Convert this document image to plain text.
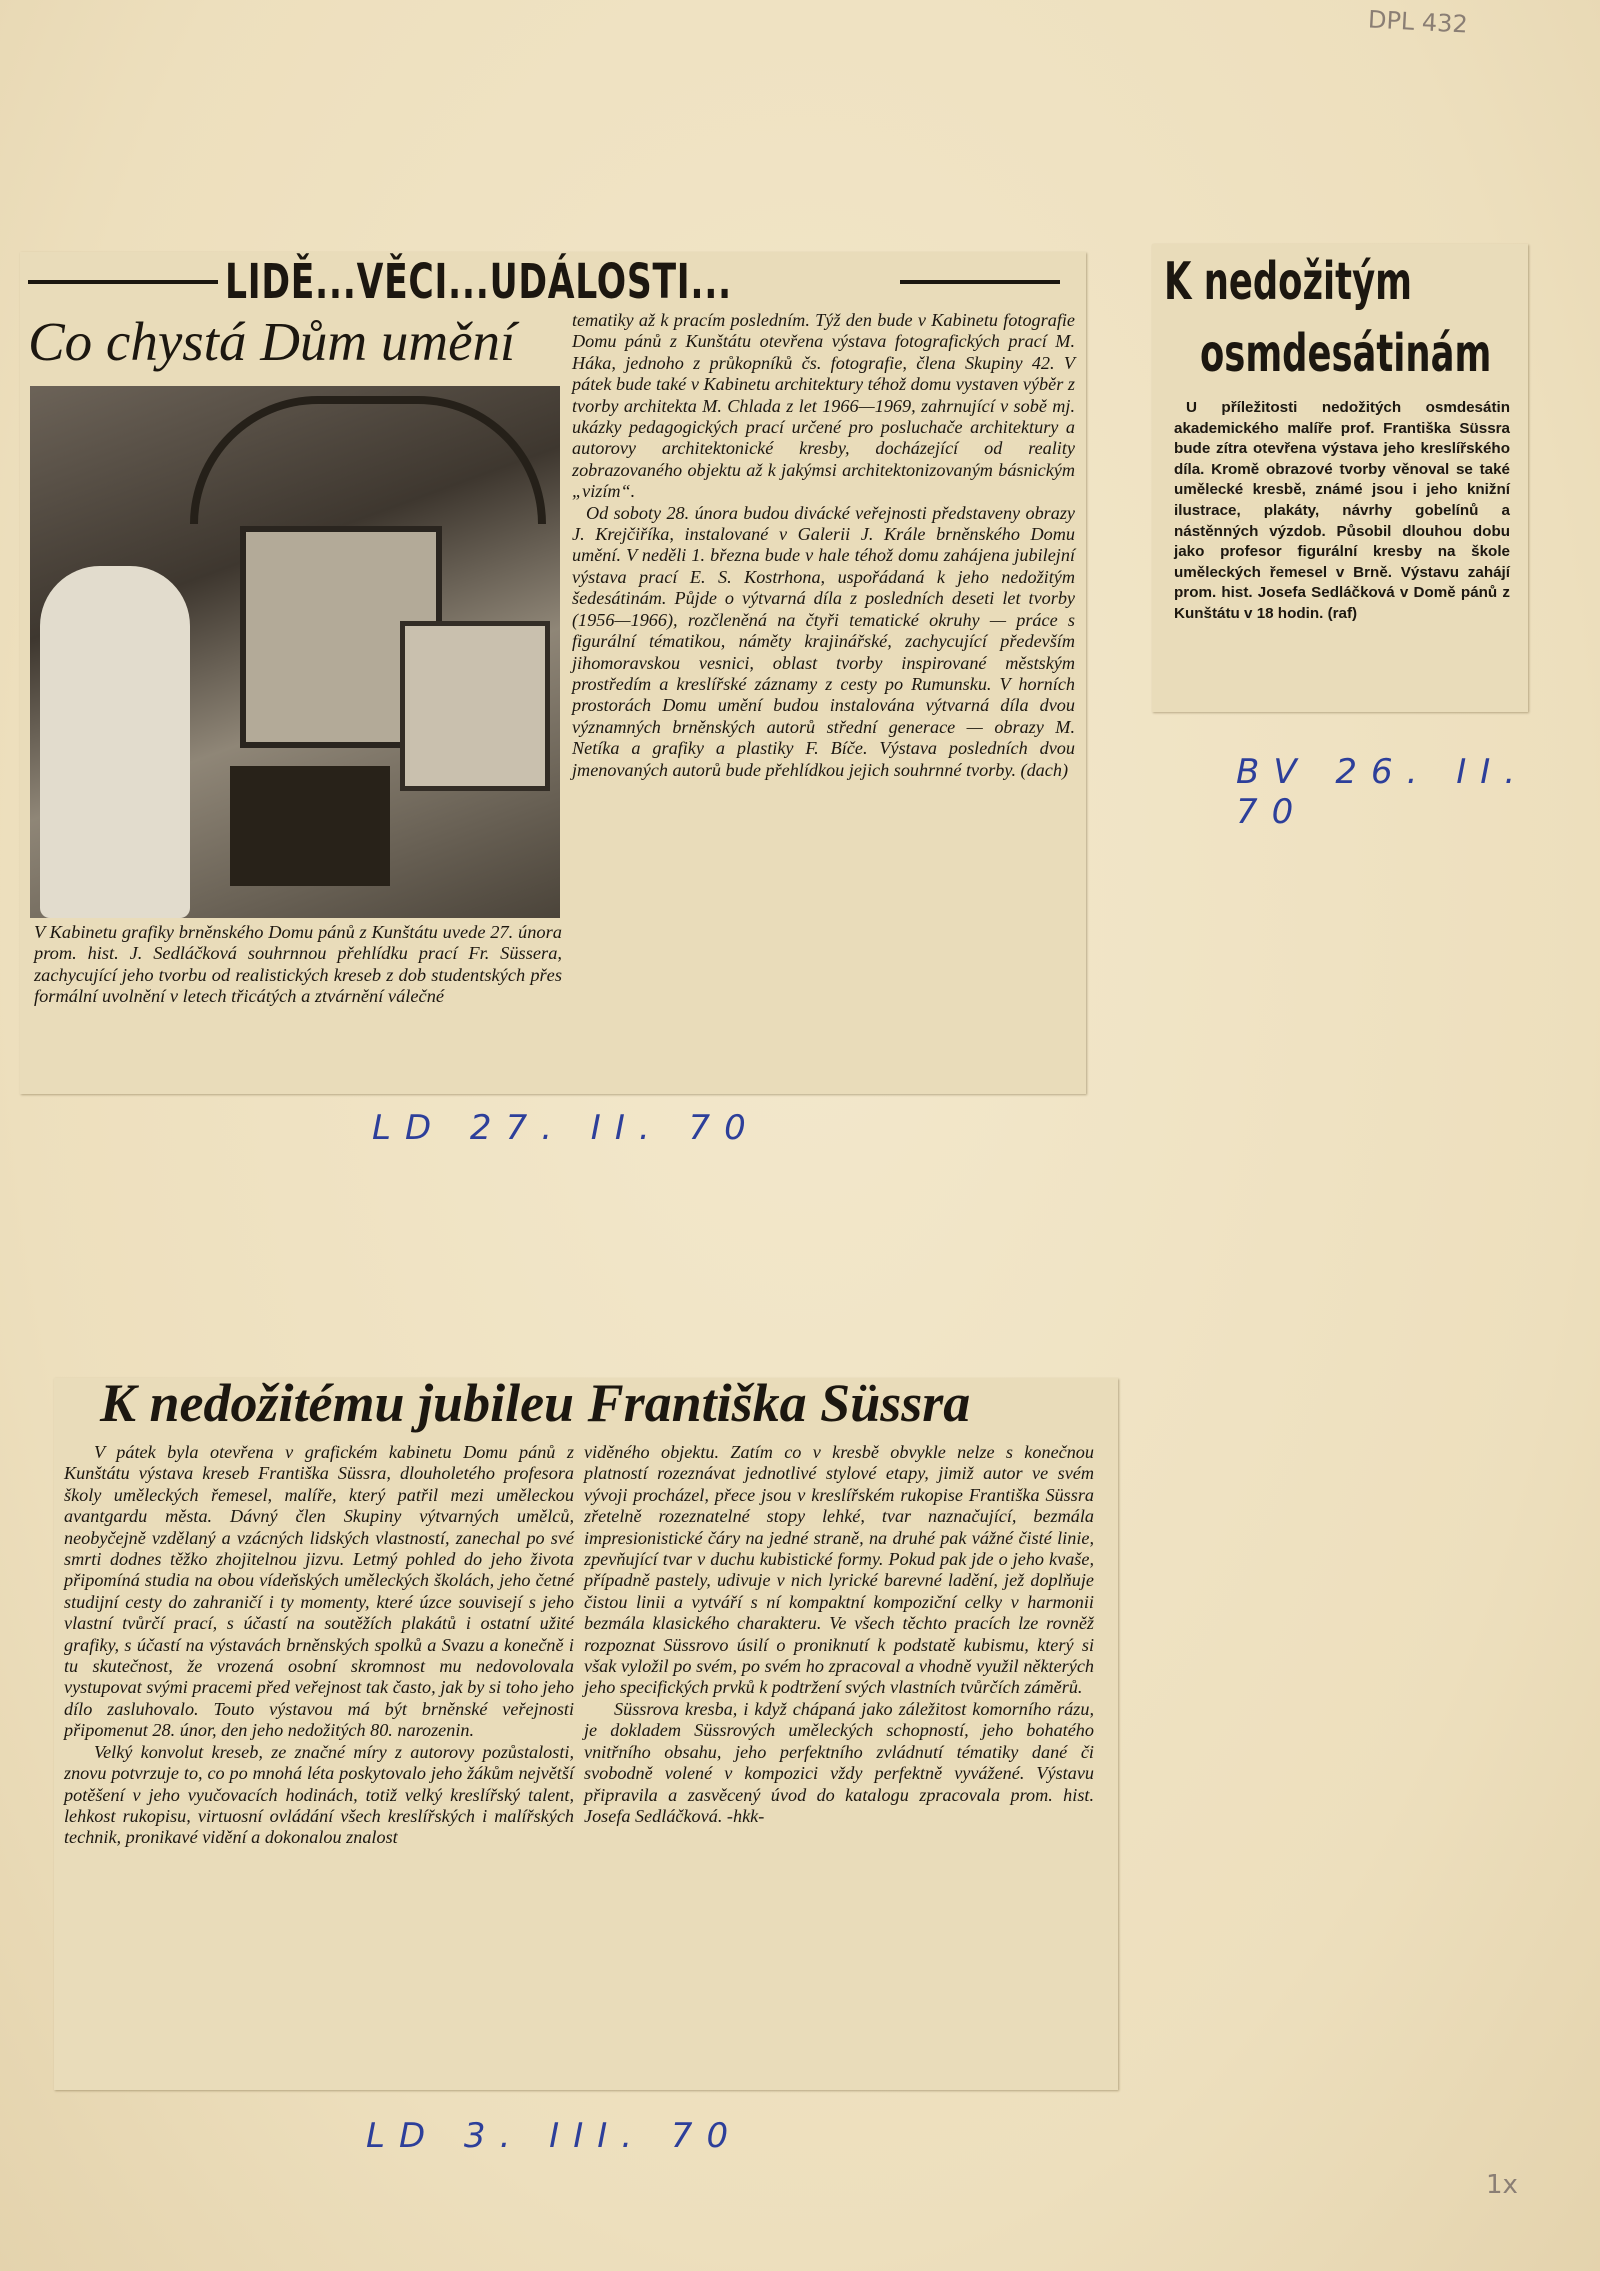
DPL 432
LIDĚ...VĚCI...UDÁLOSTI...
Co chystá Dům umění
V Kabinetu grafiky brněnského Domu pánů z Kunštátu uvede 27. února prom. hist. J. Sedláčková souhrnnou přehlídku prací Fr. Süssera, zachycující jeho tvorbu od realistických kreseb z dob studentských přes formální uvolnění v letech třicátých a ztvárnění válečné

tematiky až k pracím posledním. Týž den bude v Kabinetu fotografie Domu pánů z Kunštátu otevřena výstava fotografických prací M. Háka, jednoho z průkopníků čs. fotografie, člena Skupiny 42. V pátek bude také v Kabinetu architektury téhož domu vystaven výběr z tvorby architekta M. Chlada z let 1966—1969, zahrnující v sobě mj. ukázky pedagogických prací určené pro posluchače architektury a autorovy architektonické kresby, docházející od reality zobrazovaného objektu až k jakýmsi architektonizovaným básnickým „vizím“.

Od soboty 28. února budou divácké veřejnosti představeny obrazy J. Krejčiříka, instalované v Galerii J. Krále brněnského Domu umění. V neděli 1. března bude v hale téhož domu zahájena jubilejní výstava prací E. S. Kostrhona, uspořádaná k jeho nedožitým šedesátinám. Půjde o výtvarná díla z posledních deseti let tvorby (1956—1966), rozčleněná na čtyři tematické okruhy — práce s figurální tématikou, náměty krajinářské, zachycující především jihomoravskou vesnici, oblast tvorby inspirované městským prostředím a kreslířské záznamy z cesty po Rumunsku. V horních prostorách Domu umění budou instalována výtvarná díla dvou významných brněnských autorů střední generace — obrazy M. Netíka a grafiky a plastiky F. Bíče. Výstava posledních dvou jmenovaných autorů bude přehlídkou jejich souhrnné tvorby. (dach)

LD 27. II. 70
K nedožitým
osmdesátinám
U příležitosti nedožitých osmdesátin akademického malíře prof. Františka Süssra bude zítra otevřena výstava jeho kreslířského díla. Kromě obrazové tvorby věnoval se také umělecké kresbě, známé jsou i jeho knižní ilustrace, plakáty, návrhy gobelínů a nástěnných výzdob. Působil dlouhou dobu jako profesor figurální kresby na škole uměleckých řemesel v Brně. Výstavu zahájí prom. hist. Josefa Sedláčková v Domě pánů z Kunštátu v 18 hodin. (raf)
BV 26. II. 70
K nedožitému jubileu Františka Süssra

V pátek byla otevřena v grafickém kabinetu Domu pánů z Kunštátu výstava kreseb Františka Süssra, dlouholetého profesora školy uměleckých řemesel, malíře, který patřil mezi uměleckou avantgardu města. Dávný člen Skupiny výtvarných umělců, neobyčejně vzdělaný a vzácných lidských vlastností, zanechal po své smrti dodnes těžko zhojitelnou jizvu. Letmý pohled do jeho života připomíná studia na obou vídeňských uměleckých školách, jeho četné studijní cesty do zahraničí i ty momenty, které úzce souvisejí s jeho vlastní tvůrčí prací, s účastí na soutěžích plakátů i ostatní užité grafiky, s účastí na výstavách brněnských spolků a Svazu a konečně i tu skutečnost, že vrozená osobní skromnost mu nedovolovala vystupovat svými pracemi před veřejnost tak často, jak by si toho jeho dílo zasluhovalo. Touto výstavou má být brněnské veřejnosti připomenut 28. únor, den jeho nedožitých 80. narozenin.

Velký konvolut kreseb, ze značné míry z autorovy pozůstalosti, znovu potvrzuje to, co po mnohá léta poskytovalo jeho žákům největší potěšení v jeho vyučovacích hodinách, totiž velký kreslířský talent, lehkost rukopisu, virtuosní ovládání všech kreslířských i malířských technik, pronikavé vidění a dokonalou znalost

viděného objektu. Zatím co v kresbě obvykle nelze s konečnou platností rozeznávat jednotlivé stylové etapy, jimiž autor ve svém vývoji procházel, přece jsou v kreslířském rukopise Františka Süssra zřetelně rozeznatelné stopy lehké, tvar naznačující, bezmála impresionistické čáry na jedné straně, na druhé pak vážné čisté linie, zpevňující tvar v duchu kubistické formy. Pokud pak jde o jeho kvaše, případně pastely, udivuje v nich lyrické barevné ladění, jež doplňuje čistou linii a vytváří s ní kompaktní kompoziční celky v harmonii bezmála klasického charakteru. Ve všech těchto pracích lze rovněž rozpoznat Süssrovo úsilí o proniknutí k podstatě kubismu, který si však vyložil po svém, po svém ho zpracoval a vhodně využil některých jeho specifických prvků k podtržení svých vlastních tvůrčích záměrů.

Süssrova kresba, i když chápaná jako záležitost komorního rázu, je dokladem Süssrových uměleckých schopností, jeho bohatého vnitřního obsahu, jeho perfektního zvládnutí tématiky dané či svobodně volené v kompozici vždy perfektně vyvážené. Výstavu připravila a zasvěcený úvod do katalogu zpracovala prom. hist. Josefa Sedláčková. -hkk-

LD 3. III. 70
1x
